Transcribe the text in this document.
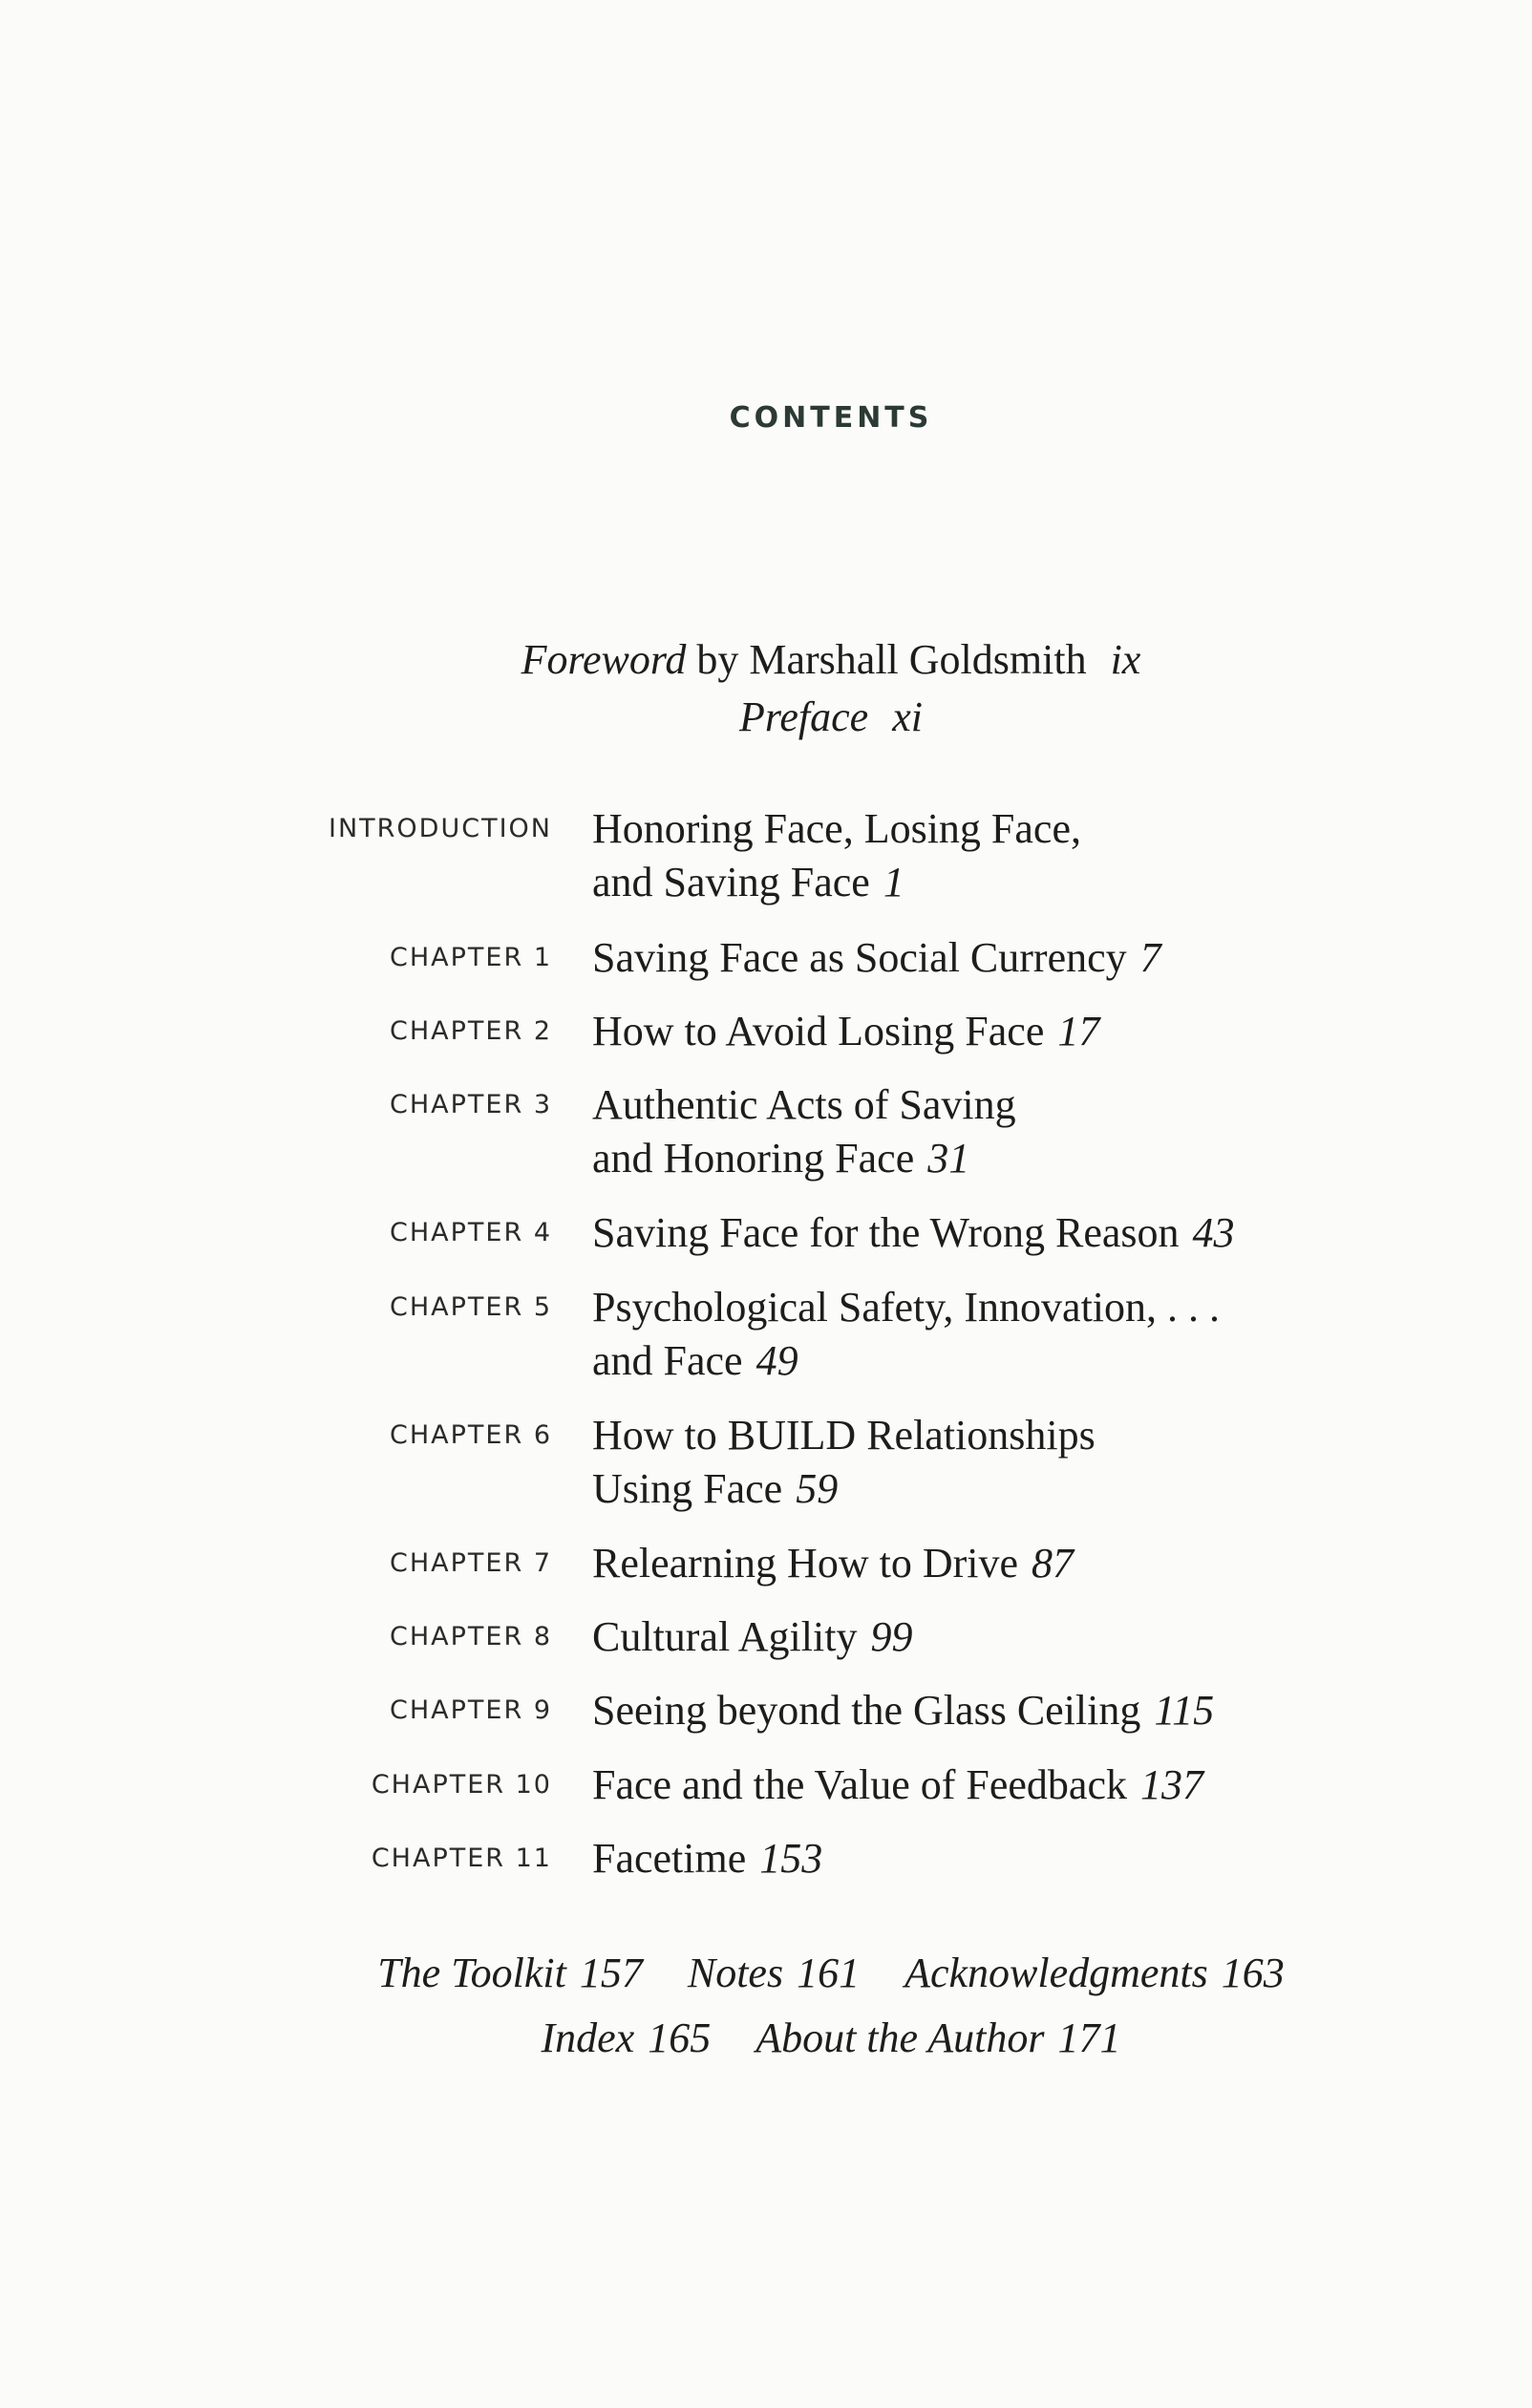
CONTENTS
Foreword by Marshall Goldsmith ix
Preface xi
INTRODUCTION Honoring Face, Losing Face,
and Saving Face 1
CHAPTER 1 Saving Face as Social Currency 7
CHAPTER 2 How to Avoid Losing Face 17
CHAPTER 3 Authentic Acts of Saving
and Honoring Face 31
CHAPTER 4 Saving Face for the Wrong Reason 43
CHAPTER 5 Psychological Safety, Innovation, . . .
and Face 49
CHAPTER 6 How to BUILD Relationships
Using Face 59
CHAPTER 7 Relearning How to Drive 87
CHAPTER 8 Cultural Agility 99
CHAPTER 9 Seeing beyond the Glass Ceiling 115
CHAPTER 10 Face and the Value of Feedback 137
CHAPTER 11 Facetime 153
The Toolkit 157 Notes 161 Acknowledgments 163
Index 165 About the Author 171
